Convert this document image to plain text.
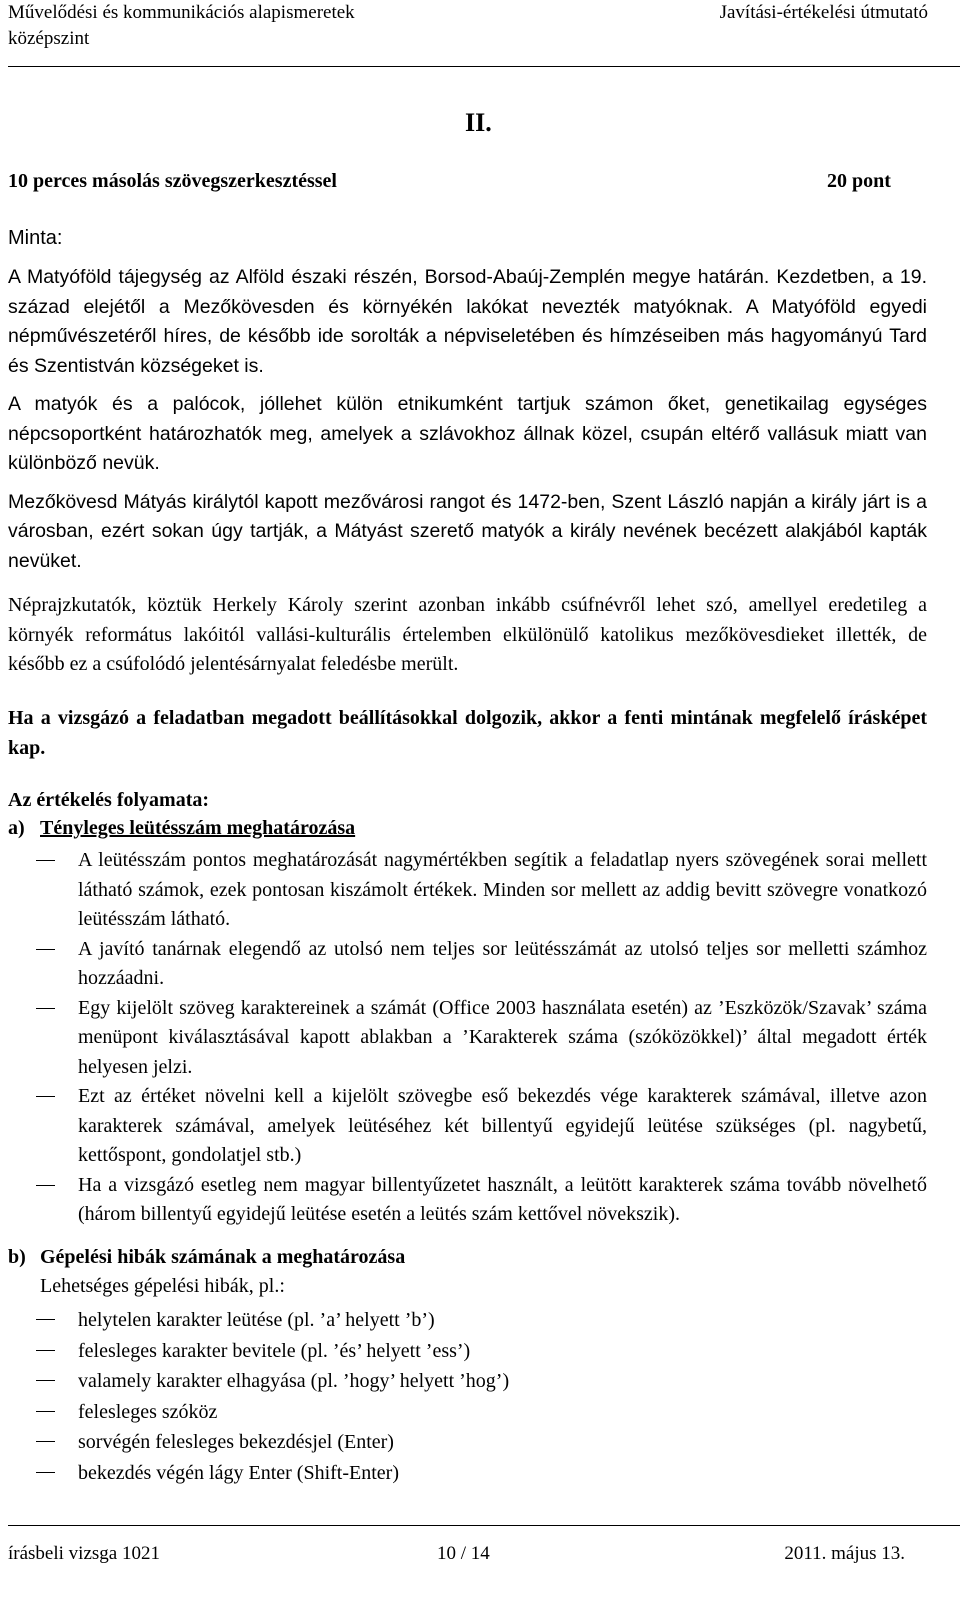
Művelődési és kommunikációs alapismeretek
középszint
Javítási-értékelési útmutató
II.
10 perces másolás szövegszerkesztéssel	20 pont
Minta:

A Matyóföld tájegység az Alföld északi részén, Borsod-Abaúj-Zemplén megye határán. Kezdetben, a 19. század elejétől a Mezőkövesden és környékén lakókat nevezték matyóknak. A Matyóföld egyedi népművészetéről híres, de később ide sorolták a népviseletében és hímzéseiben más hagyományú Tard és Szentistván községeket is.

A matyók és a palócok, jóllehet külön etnikumként tartjuk számon őket, genetikailag egységes népcsoportként határozhatók meg, amelyek a szlávokhoz állnak közel, csupán eltérő vallásuk miatt van különböző nevük.

Mezőkövesd Mátyás királytól kapott mezővárosi rangot és 1472-ben, Szent László napján a király járt is a városban, ezért sokan úgy tartják, a Mátyást szerető matyók a király nevének becézett alakjából kapták nevüket.

Néprajzkutatók, köztük Herkely Károly szerint azonban inkább csúfnévről lehet szó, amellyel eredetileg a környék református lakóitól vallási-kulturális értelemben elkülönülő katolikus mezőkövesdieket illették, de később ez a csúfolódó jelentésárnyalat feledésbe merült.

Ha a vizsgázó a feladatban megadott beállításokkal dolgozik, akkor a fenti mintának megfelelő írásképet kap.

Az értékelés folyamata:
a) Tényleges leütésszám meghatározása
A leütésszám pontos meghatározását nagymértékben segítik a feladatlap nyers szövegének sorai mellett látható számok, ezek pontosan kiszámolt értékek. Minden sor mellett az addig bevitt szövegre vonatkozó leütésszám látható.
A javító tanárnak elegendő az utolsó nem teljes sor leütésszámát az utolsó teljes sor melletti számhoz hozzáadni.
Egy kijelölt szöveg karaktereinek a számát (Office 2003 használata esetén) az ’Eszközök/Szavak’ száma menüpont kiválasztásával kapott ablakban a ’Karakterek száma (szóközökkel)’ által megadott érték helyesen jelzi.
Ezt az értéket növelni kell a kijelölt szövegbe eső bekezdés vége karakterek számával, illetve azon karakterek számával, amelyek leütéséhez két billentyű egyidejű leütése szükséges (pl. nagybetű, kettőspont, gondolatjel stb.)
Ha a vizsgázó esetleg nem magyar billentyűzetet használt, a leütött karakterek száma tovább növelhető (három billentyű egyidejű leütése esetén a leütés szám kettővel növekszik).
b) Gépelési hibák számának a meghatározása
Lehetséges gépelési hibák, pl.:
helytelen karakter leütése (pl. ’a’ helyett ’b’)
felesleges karakter bevitele (pl. ’és’ helyett ’ess’)
valamely karakter elhagyása (pl. ’hogy’ helyett ’hog’)
felesleges szóköz
sorvégén felesleges bekezdésjel (Enter)
bekezdés végén lágy Enter (Shift-Enter)
írásbeli vizsga 1021	10 / 14	2011. május 13.
